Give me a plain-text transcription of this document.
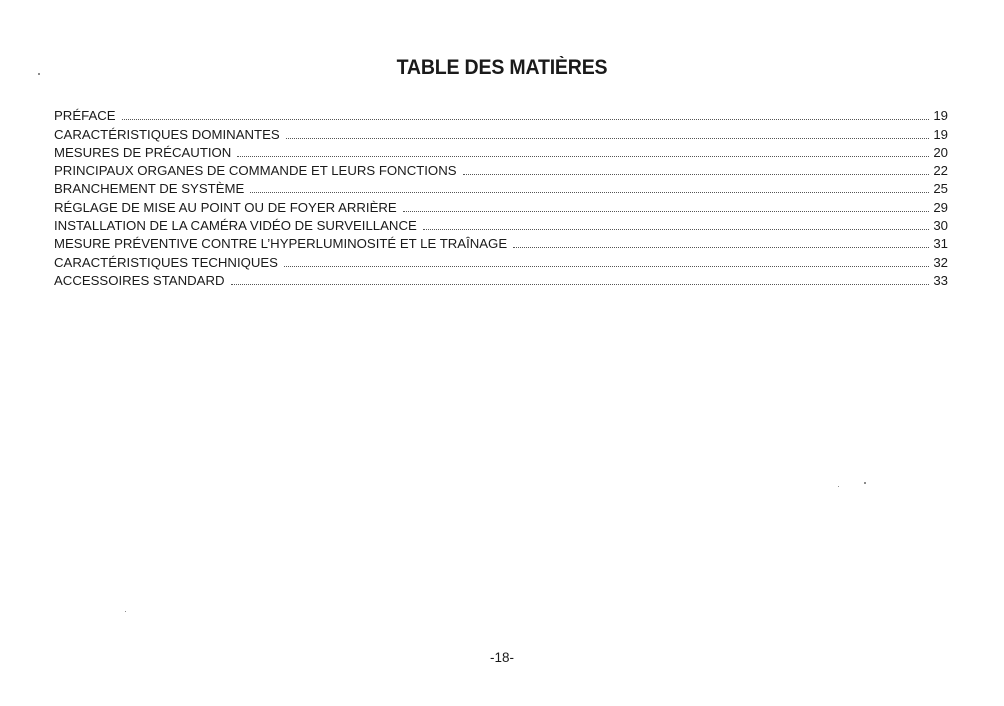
TABLE DES MATIÈRES
PRÉFACE	19
CARACTÉRISTIQUES DOMINANTES	19
MESURES DE PRÉCAUTION	20
PRINCIPAUX ORGANES DE COMMANDE ET LEURS FONCTIONS	22
BRANCHEMENT DE SYSTÈME	25
RÉGLAGE DE MISE AU POINT OU DE FOYER ARRIÈRE	29
INSTALLATION DE LA CAMÉRA VIDÉO DE SURVEILLANCE	30
MESURE PRÉVENTIVE CONTRE L’HYPERLUMINOSITÉ ET LE TRAÎNAGE	31
CARACTÉRISTIQUES TECHNIQUES	32
ACCESSOIRES STANDARD	33
-18-
